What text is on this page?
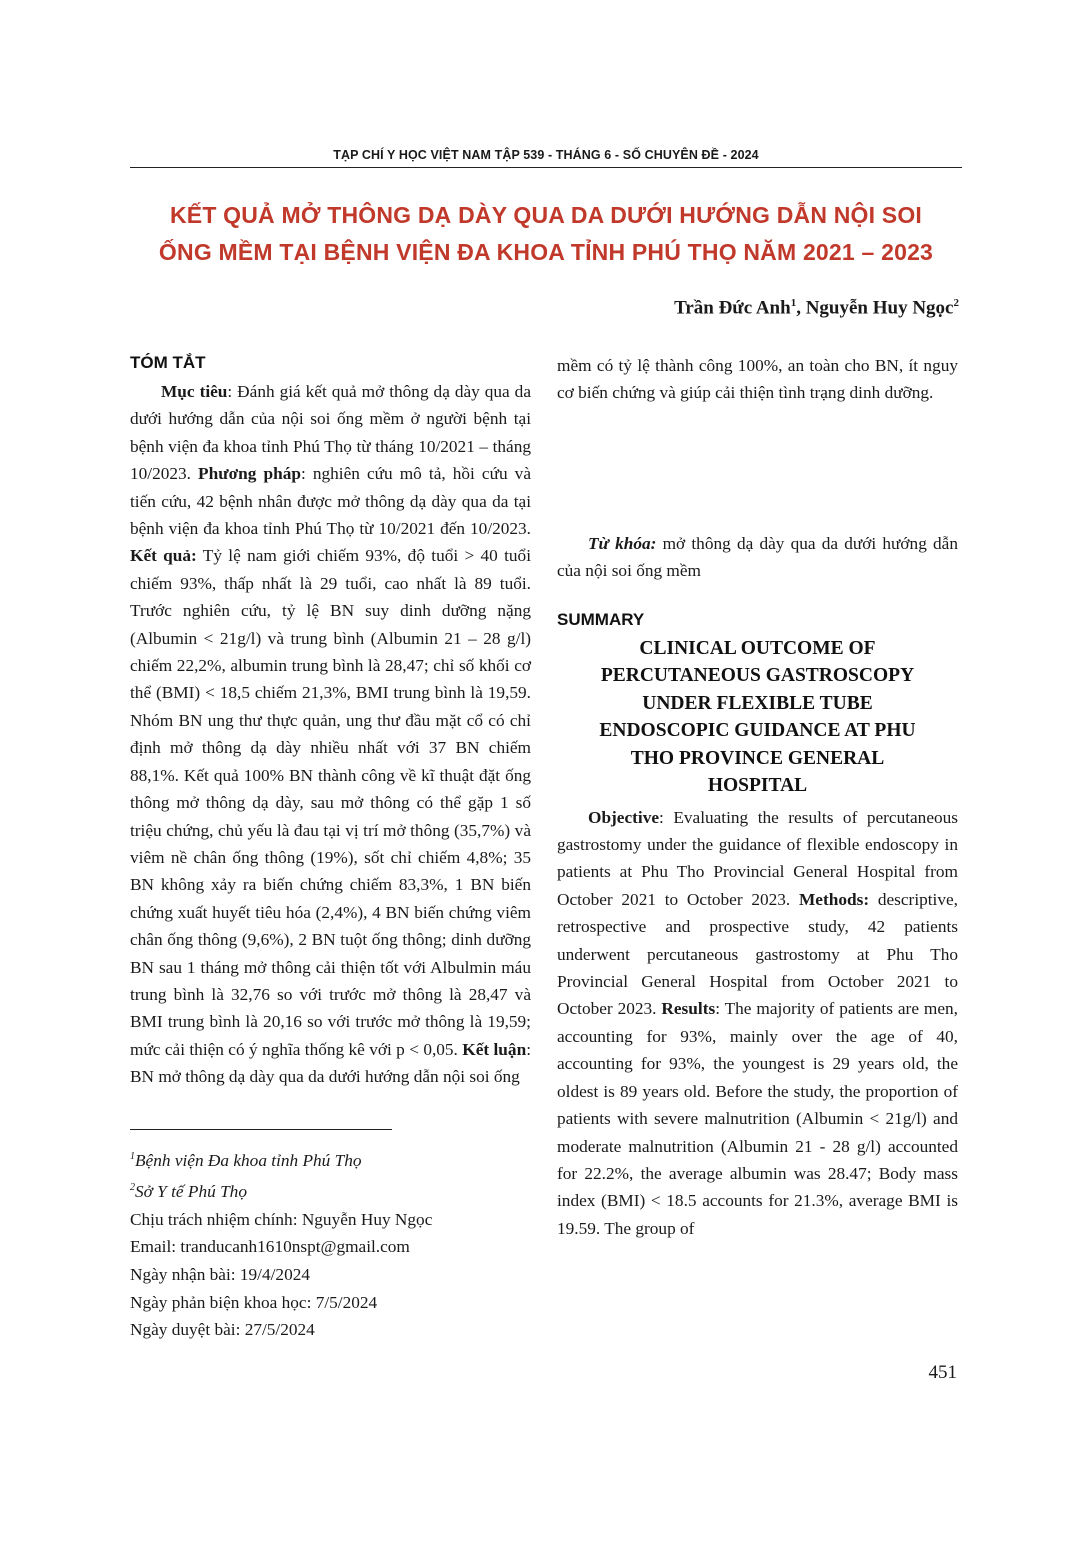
TẠP CHÍ Y HỌC VIỆT NAM TẬP 539 - THÁNG 6 - SỐ CHUYÊN ĐỀ - 2024
KẾT QUẢ MỞ THÔNG DẠ DÀY QUA DA DƯỚI HƯỚNG DẪN NỘI SOI
ỐNG MỀM TẠI BỆNH VIỆN ĐA KHOA TỈNH PHÚ THỌ NĂM 2021 – 2023
Trần Đức Anh$^1$, Nguyễn Huy Ngọc$^2$
TÓM TẮT

Mục tiêu: Đánh giá kết quả mở thông dạ dày qua da dưới hướng dẫn của nội soi ống mềm ở người bệnh tại bệnh viện đa khoa tỉnh Phú Thọ từ tháng 10/2021 – tháng 10/2023. Phương pháp: nghiên cứu mô tả, hồi cứu và tiến cứu, 42 bệnh nhân được mở thông dạ dày qua da tại bệnh viện đa khoa tỉnh Phú Thọ từ 10/2021 đến 10/2023. Kết quả: Tỷ lệ nam giới chiếm 93%, độ tuổi > 40 tuổi chiếm 93%, thấp nhất là 29 tuổi, cao nhất là 89 tuổi. Trước nghiên cứu, tỷ lệ BN suy dinh dưỡng nặng (Albumin < 21g/l) và trung bình (Albumin 21 – 28 g/l) chiếm 22,2%, albumin trung bình là 28,47; chỉ số khối cơ thể (BMI) < 18,5 chiếm 21,3%, BMI trung bình là 19,59. Nhóm BN ung thư thực quản, ung thư đầu mặt cổ có chỉ định mở thông dạ dày nhiều nhất với 37 BN chiếm 88,1%. Kết quả 100% BN thành công về kĩ thuật đặt ống thông mở thông dạ dày, sau mở thông có thể gặp 1 số triệu chứng, chủ yếu là đau tại vị trí mở thông (35,7%) và viêm nề chân ống thông (19%), sốt chỉ chiếm 4,8%; 35 BN không xảy ra biến chứng chiếm 83,3%, 1 BN biến chứng xuất huyết tiêu hóa (2,4%), 4 BN biến chứng viêm chân ống thông (9,6%), 2 BN tuột ống thông; dinh dưỡng BN sau 1 tháng mở thông cải thiện tốt với Albulmin máu trung bình là 32,76 so với trước mở thông là 28,47 và BMI trung bình là 20,16 so với trước mở thông là 19,59; mức cải thiện có ý nghĩa thống kê với p < 0,05. Kết luận: BN mở thông dạ dày qua da dưới hướng dẫn nội soi ống

mềm có tỷ lệ thành công 100%, an toàn cho BN, ít nguy cơ biến chứng và giúp cải thiện tình trạng dinh dưỡng.

Từ khóa: mở thông dạ dày qua da dưới hướng dẫn của nội soi ống mềm

SUMMARY
CLINICAL OUTCOME OF
PERCUTANEOUS GASTROSCOPY
UNDER FLEXIBLE TUBE
ENDOSCOPIC GUIDANCE AT PHU
THO PROVINCE GENERAL
HOSPITAL

Objective: Evaluating the results of percutaneous gastrostomy under the guidance of flexible endoscopy in patients at Phu Tho Provincial General Hospital from October 2021 to October 2023. Methods: descriptive, retrospective and prospective study, 42 patients underwent percutaneous gastrostomy at Phu Tho Provincial General Hospital from October 2021 to October 2023. Results: The majority of patients are men, accounting for 93%, mainly over the age of 40, accounting for 93%, the youngest is 29 years old, the oldest is 89 years old. Before the study, the proportion of patients with severe malnutrition (Albumin < 21g/l) and moderate malnutrition (Albumin 21 - 28 g/l) accounted for 22.2%, the average albumin was 28.47; Body mass index (BMI) < 18.5 accounts for 21.3%, average BMI is 19.59. The group of

$^1$Bệnh viện Đa khoa tỉnh Phú Thọ
$^2$Sở Y tế Phú Thọ
Chịu trách nhiệm chính: Nguyễn Huy Ngọc
Email: tranducanh1610nspt@gmail.com
Ngày nhận bài: 19/4/2024
Ngày phản biện khoa học: 7/5/2024
Ngày duyệt bài: 27/5/2024
451
